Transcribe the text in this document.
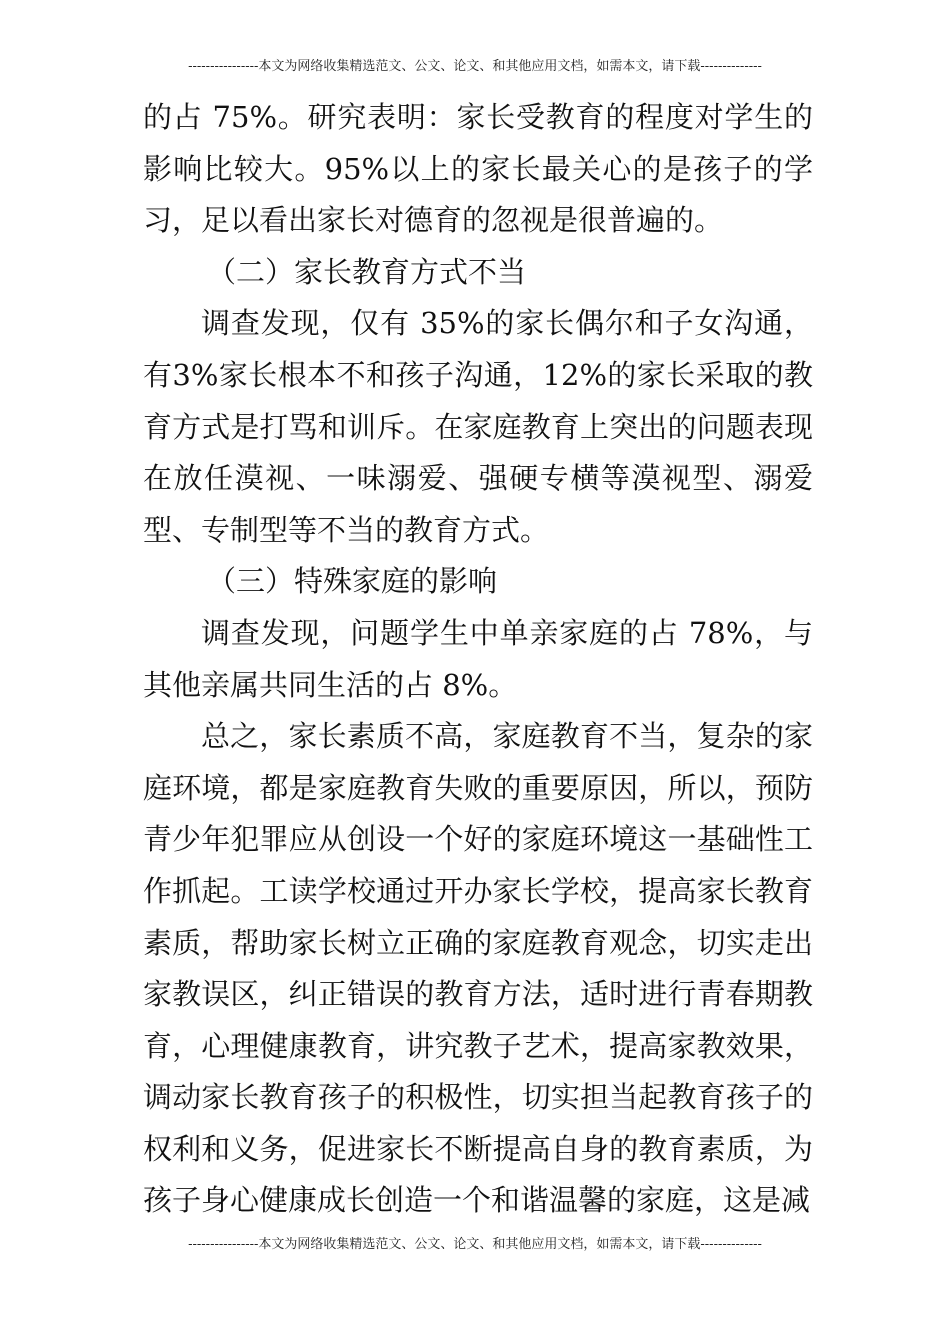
----------------本文为网络收集精选范文、公文、论文、和其他应用文档，如需本文，请下载--------------

的占 75%。研究表明：家长受教育的程度对学生的影响比较大。95%以上的家长最关心的是孩子的学习，足以看出家长对德育的忽视是很普遍的。

（二）家长教育方式不当

调查发现，仅有 35%的家长偶尔和子女沟通，有3%家长根本不和孩子沟通，12%的家长采取的教育方式是打骂和训斥。在家庭教育上突出的问题表现在放任漠视、一味溺爱、强硬专横等漠视型、溺爱型、专制型等不当的教育方式。

（三）特殊家庭的影响

调查发现，问题学生中单亲家庭的占 78%，与其他亲属共同生活的占 8%。

总之，家长素质不高，家庭教育不当，复杂的家庭环境，都是家庭教育失败的重要原因，所以，预防青少年犯罪应从创设一个好的家庭环境这一基础性工作抓起。工读学校通过开办家长学校，提高家长教育素质，帮助家长树立正确的家庭教育观念，切实走出家教误区，纠正错误的教育方法，适时进行青春期教育，心理健康教育，讲究教子艺术，提高家教效果，调动家长教育孩子的积极性，切实担当起教育孩子的权利和义务，促进家长不断提高自身的教育素质，为孩子身心健康成长创造一个和谐温馨的家庭，这是减

----------------本文为网络收集精选范文、公文、论文、和其他应用文档，如需本文，请下载--------------
